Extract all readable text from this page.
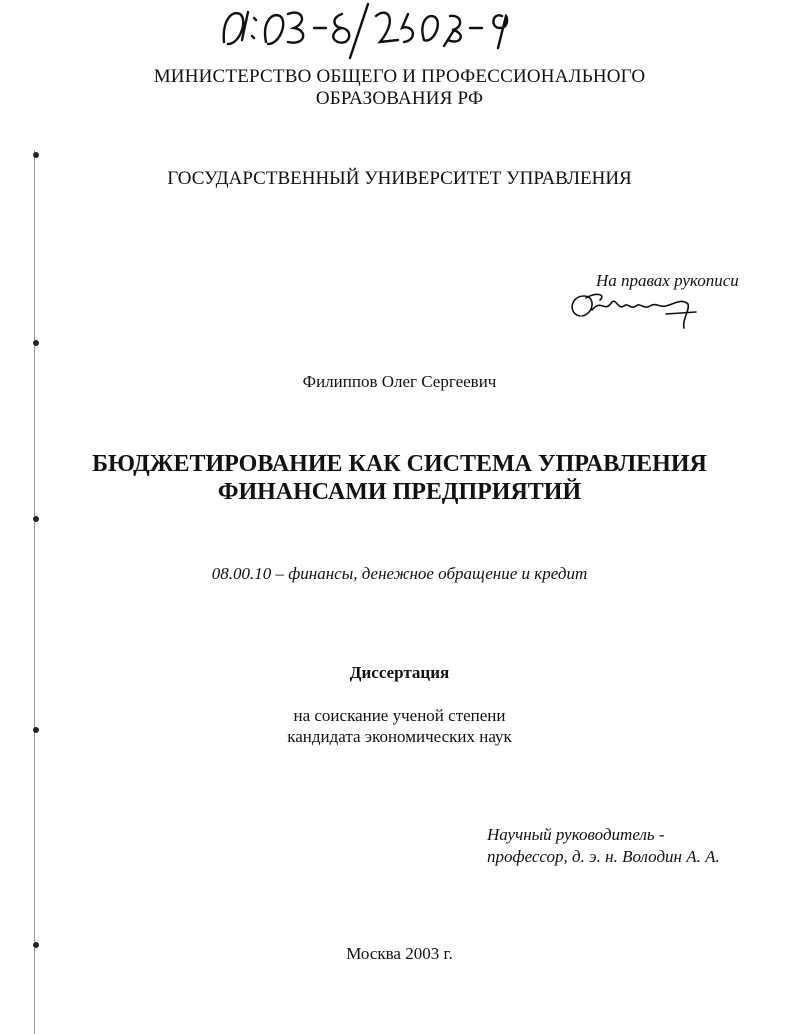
МИНИСТЕРСТВО ОБЩЕГО И ПРОФЕССИОНАЛЬНОГО
ОБРАЗОВАНИЯ РФ
ГОСУДАРСТВЕННЫЙ УНИВЕРСИТЕТ УПРАВЛЕНИЯ
На правах рукописи
Филиппов Олег Сергеевич
БЮДЖЕТИРОВАНИЕ КАК СИСТЕМА УПРАВЛЕНИЯ
ФИНАНСАМИ ПРЕДПРИЯТИЙ
08.00.10 – финансы, денежное обращение и кредит
Диссертация
на соискание ученой степени
кандидата экономических наук
Научный руководитель -
профессор, д. э. н. Володин А. А.
Москва 2003 г.
